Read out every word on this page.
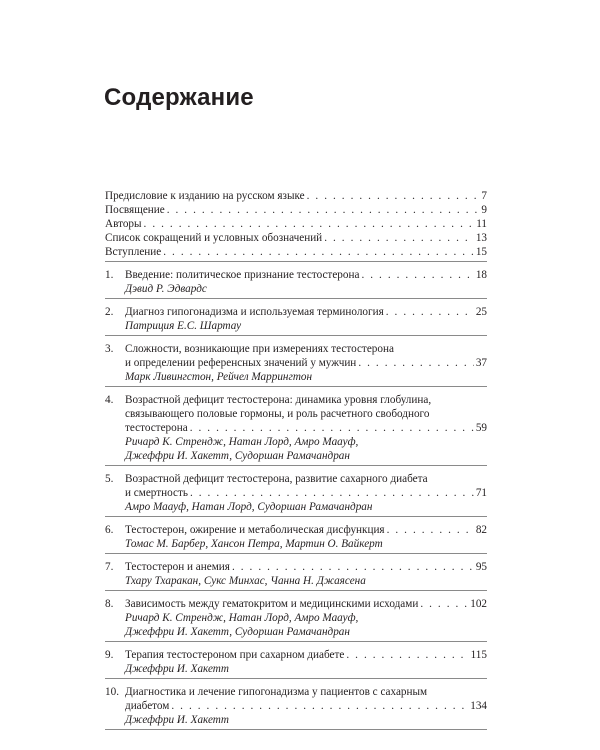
Содержание
Предисловие к изданию на русском языке . . .	7
Посвящение . . .	9
Авторы . . .	11
Список сокращений и условных обозначений . . .	13
Вступление . . .	15
1.	Введение: политическое признание тестостерона . . .	18
Дэвид Р. Эдвардс
2.	Диагноз гипогонадизма и используемая терминология . . .	25
Патриция Е.С. Шартау
3.	Сложности, возникающие при измерениях тестостерона
и определении референсных значений у мужчин . . .	37
Марк Ливингстон, Рейчел Маррингтон
4.	Возрастной дефицит тестостерона: динамика уровня глобулина,
связывающего половые гормоны, и роль расчетного свободного
тестостерона . . .	59
Ричард К. Стрендж, Натан Лорд, Амро Маауф,
Джеффри И. Хакетт, Судоршан Рамачандран
5.	Возрастной дефицит тестостерона, развитие сахарного диабета
и смертность . . .	71
Амро Маауф, Натан Лорд, Судоршан Рамачандран
6.	Тестостерон, ожирение и метаболическая дисфункция . . .	82
Томас М. Барбер, Хансон Петра, Мартин О. Вайкерт
7.	Тестостерон и анемия . . .	95
Тхару Тхаракан, Сукс Минхас, Чанна Н. Джаясена
8.	Зависимость между гематокритом и медицинскими исходами . . .	102
Ричард К. Стрендж, Натан Лорд, Амро Маауф,
Джеффри И. Хакетт, Судоршан Рамачандран
9.	Терапия тестостероном при сахарном диабете . . .	115
Джеффри И. Хакетт
10. Диагностика и лечение гипогонадизма у пациентов с сахарным
диабетом . . .	134
Джеффри И. Хакетт
